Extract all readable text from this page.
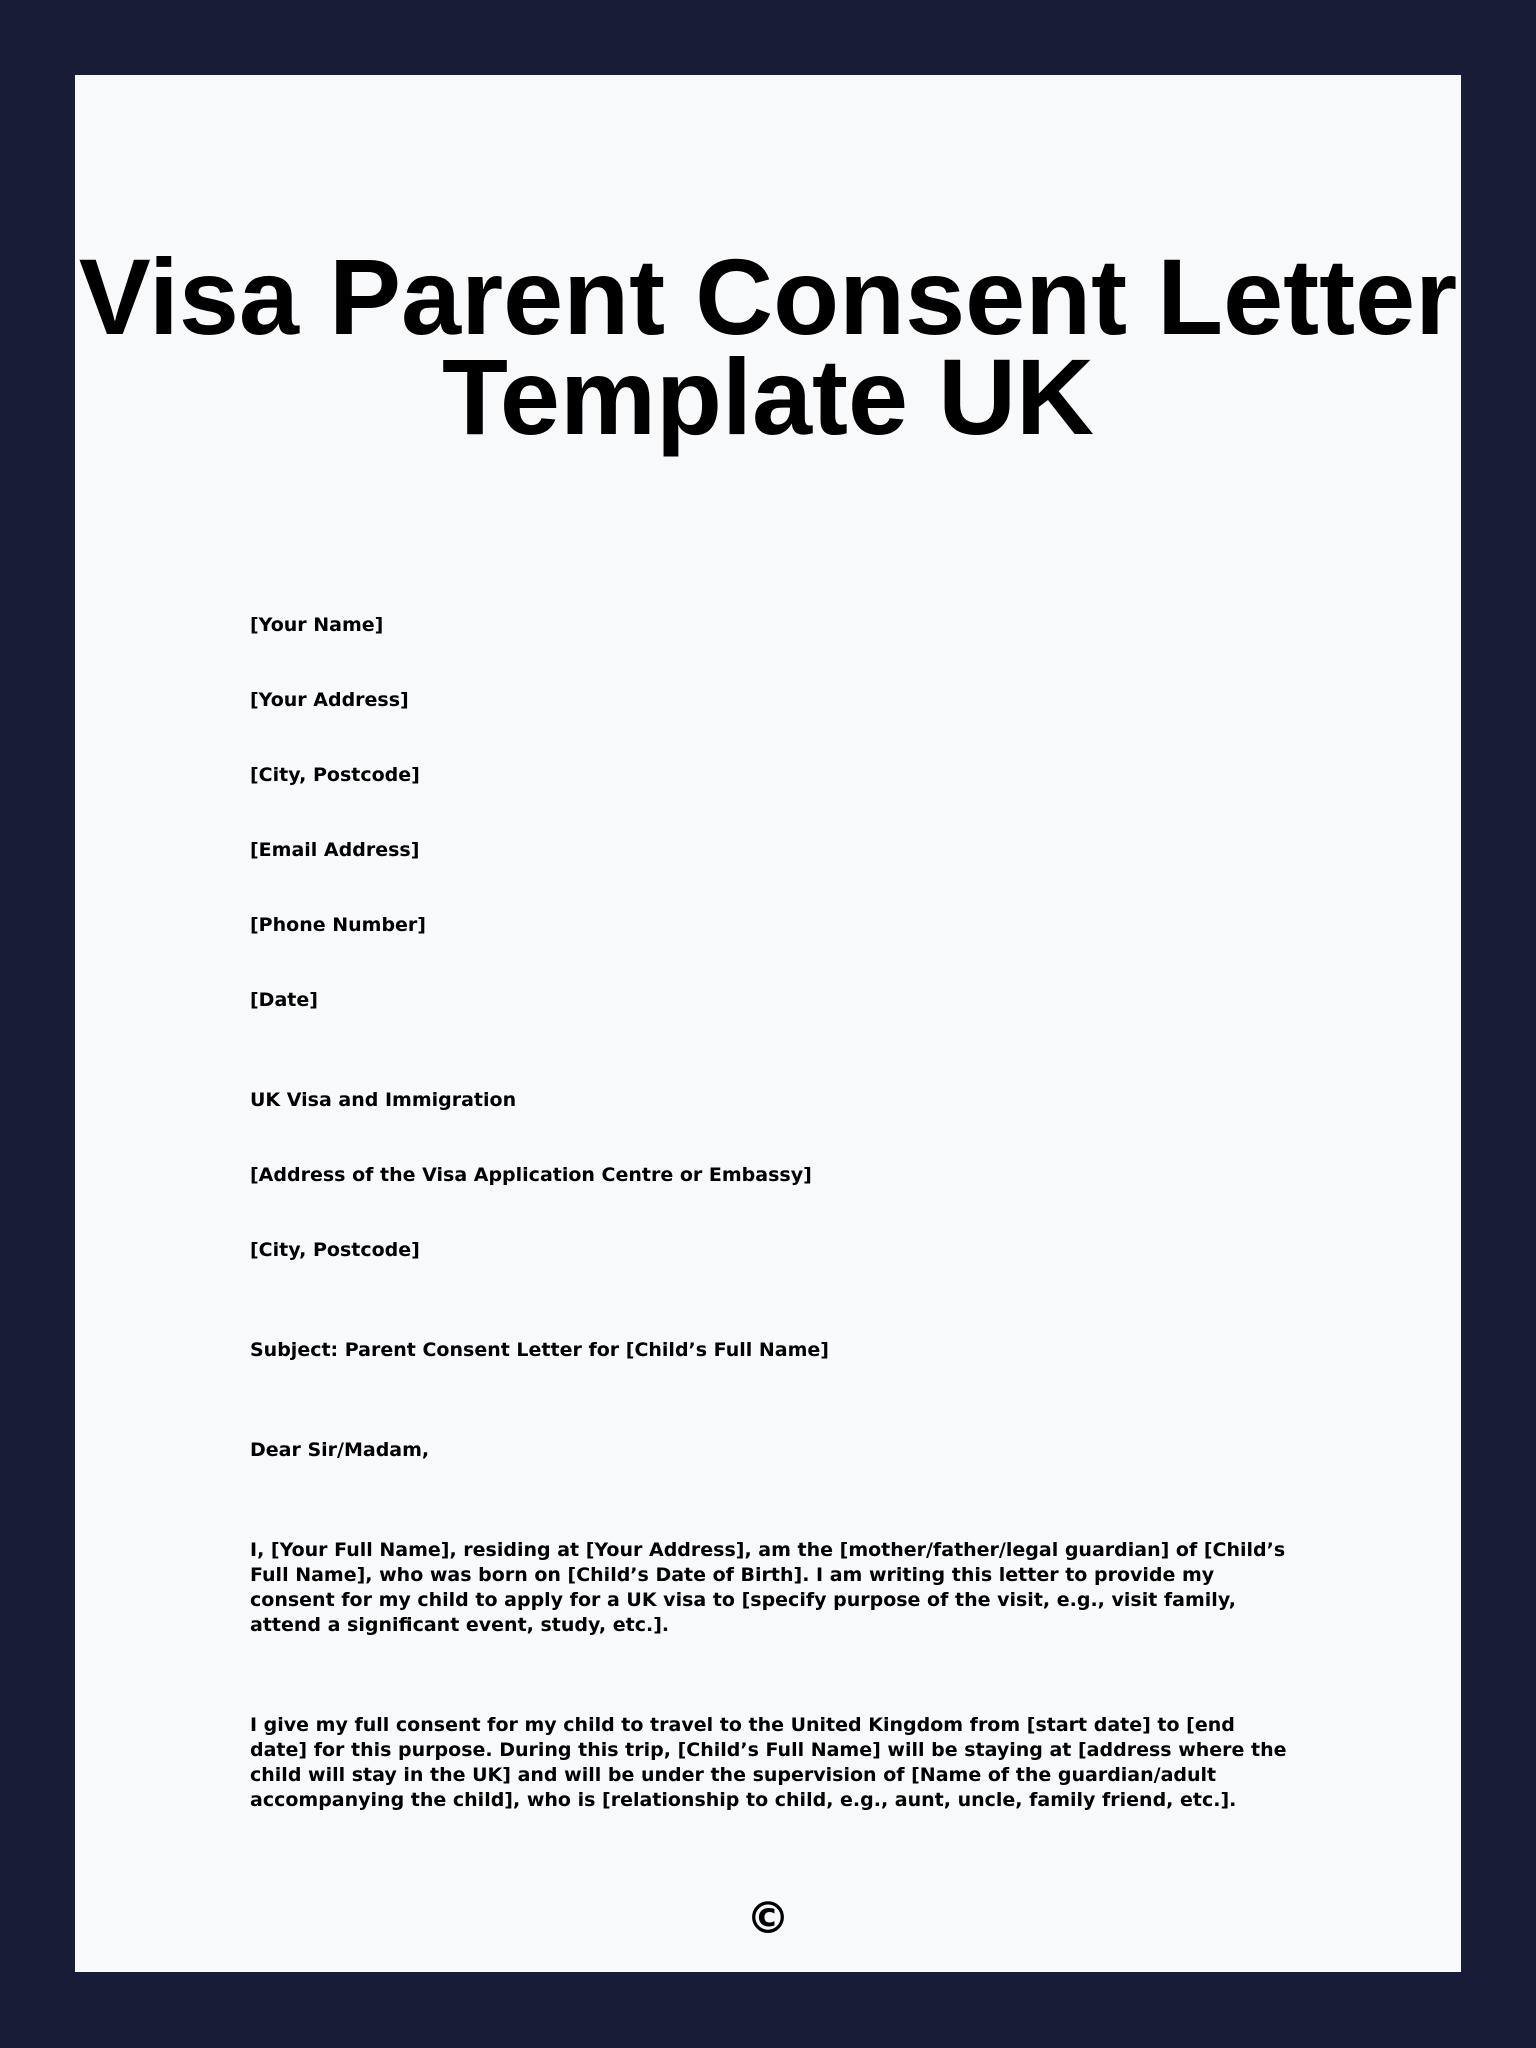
Visa Parent Consent Letter Template UK

[Your Name]

[Your Address]

[City, Postcode]

[Email Address]

[Phone Number]

[Date]

UK Visa and Immigration

[Address of the Visa Application Centre or Embassy]

[City, Postcode]

Subject: Parent Consent Letter for [Child’s Full Name]

Dear Sir/Madam,

I, [Your Full Name], residing at [Your Address], am the [mother/father/legal guardian] of [Child’s Full Name], who was born on [Child’s Date of Birth]. I am writing this letter to provide my consent for my child to apply for a UK visa to [specify purpose of the visit, e.g., visit family, attend a significant event, study, etc.].

I give my full consent for my child to travel to the United Kingdom from [start date] to [end date] for this purpose. During this trip, [Child’s Full Name] will be staying at [address where the child will stay in the UK] and will be under the supervision of [Name of the guardian/adult accompanying the child], who is [relationship to child, e.g., aunt, uncle, family friend, etc.].

©
